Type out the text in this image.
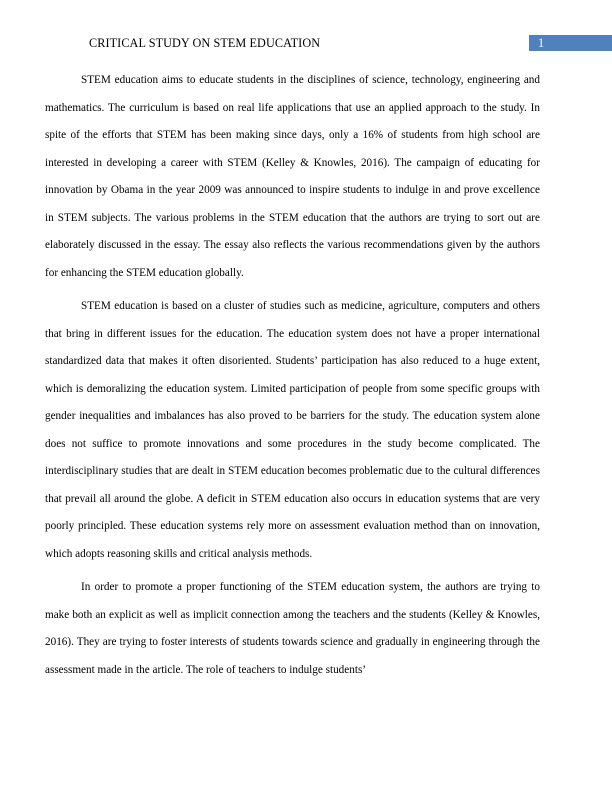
CRITICAL STUDY ON STEM EDUCATION	1

STEM education aims to educate students in the disciplines of science, technology, engineering and mathematics. The curriculum is based on real life applications that use an applied approach to the study. In spite of the efforts that STEM has been making since days, only a 16% of students from high school are interested in developing a career with STEM (Kelley & Knowles, 2016). The campaign of educating for innovation by Obama in the year 2009 was announced to inspire students to indulge in and prove excellence in STEM subjects. The various problems in the STEM education that the authors are trying to sort out are elaborately discussed in the essay. The essay also reflects the various recommendations given by the authors for enhancing the STEM education globally.

STEM education is based on a cluster of studies such as medicine, agriculture, computers and others that bring in different issues for the education. The education system does not have a proper international standardized data that makes it often disoriented. Students’ participation has also reduced to a huge extent, which is demoralizing the education system. Limited participation of people from some specific groups with gender inequalities and imbalances has also proved to be barriers for the study. The education system alone does not suffice to promote innovations and some procedures in the study become complicated. The interdisciplinary studies that are dealt in STEM education becomes problematic due to the cultural differences that prevail all around the globe. A deficit in STEM education also occurs in education systems that are very poorly principled. These education systems rely more on assessment evaluation method than on innovation, which adopts reasoning skills and critical analysis methods.

In order to promote a proper functioning of the STEM education system, the authors are trying to make both an explicit as well as implicit connection among the teachers and the students (Kelley & Knowles, 2016). They are trying to foster interests of students towards science and gradually in engineering through the assessment made in the article. The role of teachers to indulge students’
